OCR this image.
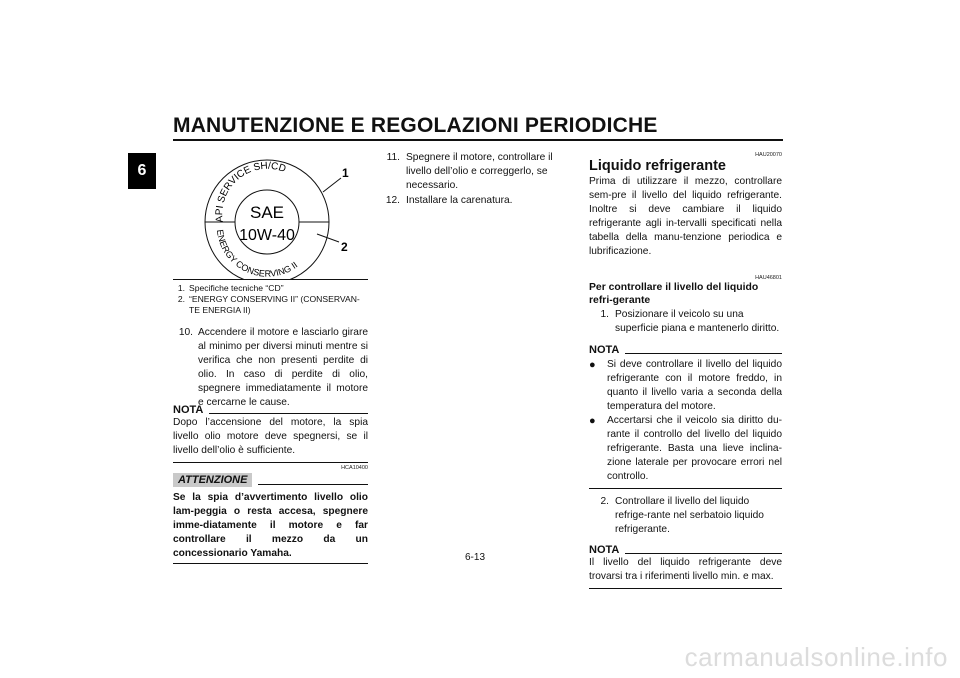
MANUTENZIONE E REGOLAZIONI PERIODICHE
6
SAE
10W-40
API SERVICE SH/CD
ENERGY CONSERVING II
1
2
1. Specifiche tecniche “CD”
2. “ENERGY CONSERVING II” (CONSERVAN-TE ENERGIA II)
10. Accendere il motore e lasciarlo girare al minimo per diversi minuti mentre si verifica che non presenti perdite di olio. In caso di perdite di olio, spegnere immediatamente il motore e cercarne le cause.
NOTA
Dopo l’accensione del motore, la spia livello olio motore deve spegnersi, se il livello dell’olio è sufficiente.
HCA10400
ATTENZIONE
Se la spia d’avvertimento livello olio lam-peggia o resta accesa, spegnere imme-diatamente il motore e far controllare il mezzo da un concessionario Yamaha.
11. Spegnere il motore, controllare il livello dell’olio e correggerlo, se necessario.
12. Installare la carenatura.
HAU20070
Liquido refrigerante
Prima di utilizzare il mezzo, controllare sem-pre il livello del liquido refrigerante. Inoltre si deve cambiare il liquido refrigerante agli in-tervalli specificati nella tabella della manu-tenzione periodica e lubrificazione.
HAU46801
Per controllare il livello del liquido refri-gerante
1. Posizionare il veicolo su una superficie piana e mantenerlo diritto.
NOTA
●	Si deve controllare il livello del liquido refrigerante con il motore freddo, in quanto il livello varia a seconda della temperatura del motore.
●	Accertarsi che il veicolo sia diritto du-rante il controllo del livello del liquido refrigerante. Basta una lieve inclina-zione laterale per provocare errori nel controllo.
2. Controllare il livello del liquido refrige-rante nel serbatoio liquido refrigerante.
NOTA
Il livello del liquido refrigerante deve trovarsi tra i riferimenti livello min. e max.
6-13
carmanualsonline.info
